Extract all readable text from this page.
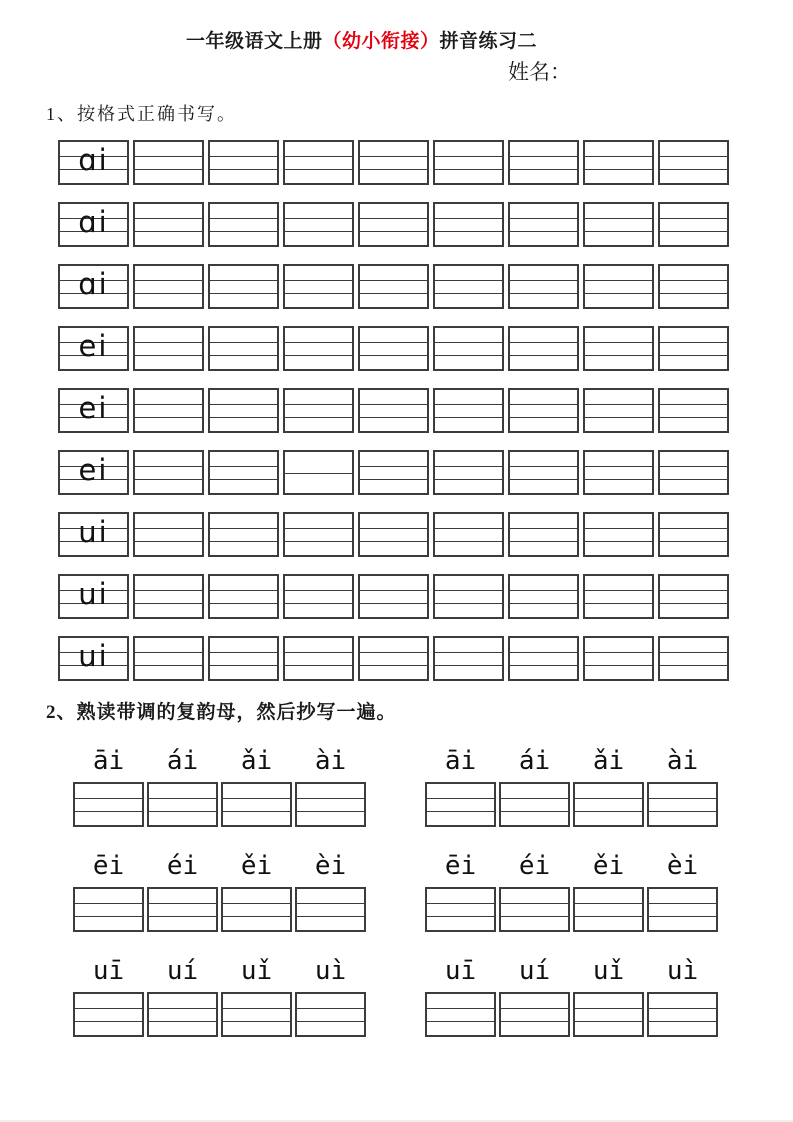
一年级语文上册（幼小衔接）拼音练习二
姓名：
1、按格式正确书写。
ɑi
ɑi
ɑi
ei
ei
ei
ui
ui
ui
2、熟读带调的复韵母，然后抄写一遍。
āi	ái	ǎi	ài	āi	ái	ǎi	ài
ēi	éi	ěi	èi	ēi	éi	ěi	èi
uī	uí	uǐ	uì	uī	uí	uǐ	uì
